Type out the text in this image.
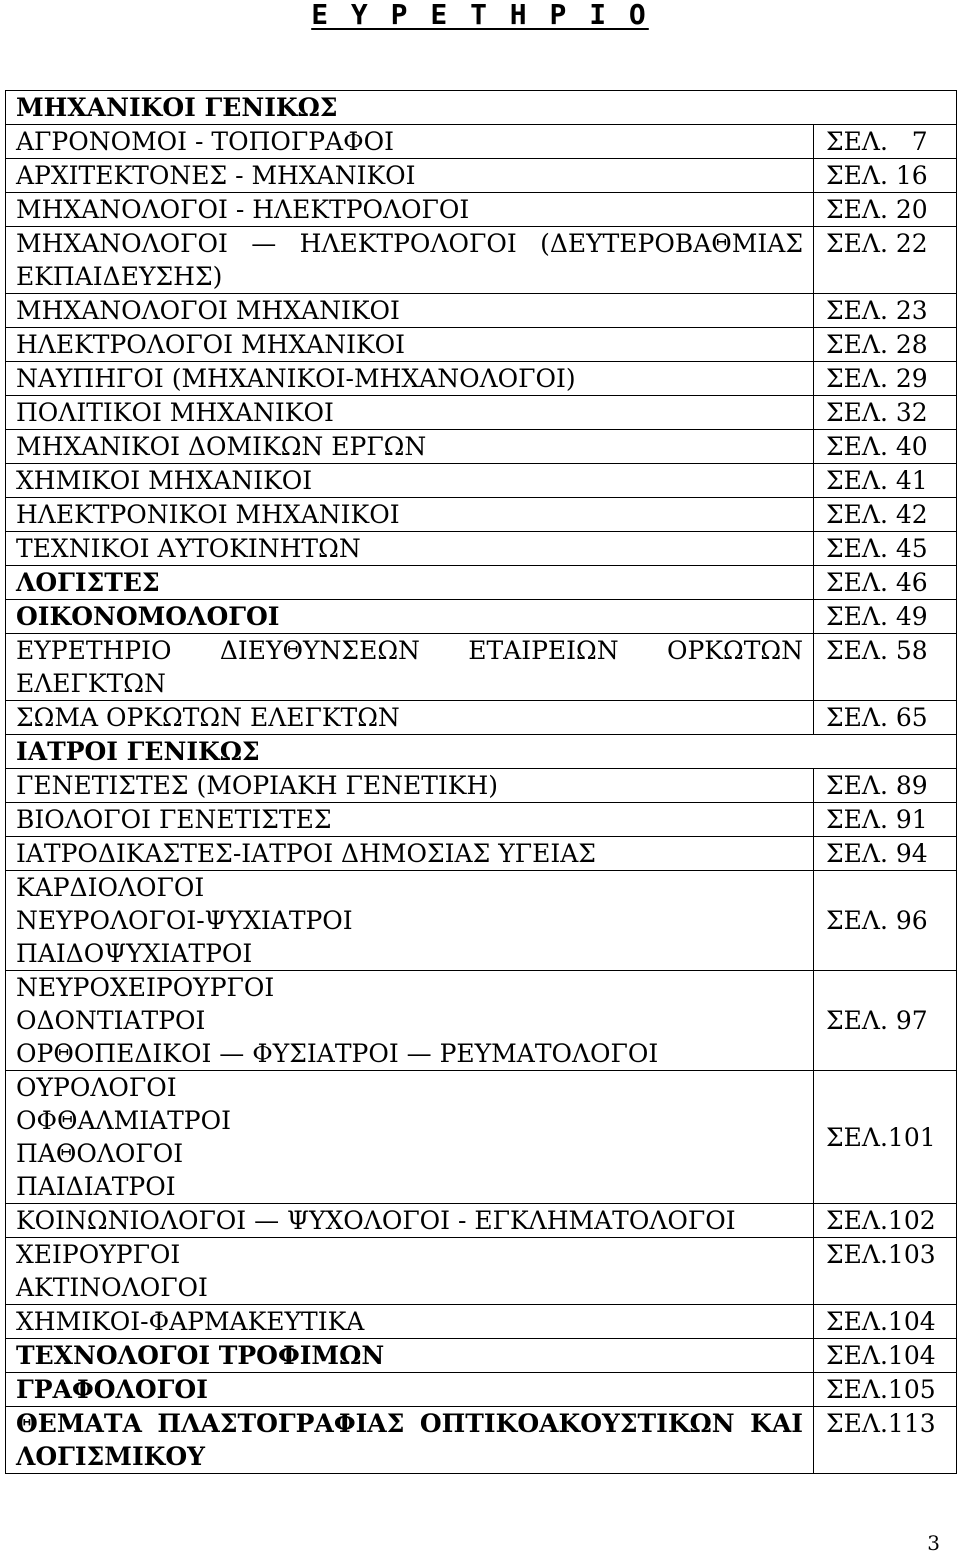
Ε Υ Ρ Ε Τ Η Ρ Ι Ο
ΜΗΧΑΝΙΚΟΙ ΓΕΝΙΚΩΣ	
ΑΓΡΟΝΟΜΟΙ - ΤΟΠΟΓΡΑΦΟΙ	ΣΕΛ.   7
ΑΡΧΙΤΕΚΤΟΝΕΣ - ΜΗΧΑΝΙΚΟΙ	ΣΕΛ. 16
ΜΗΧΑΝΟΛΟΓΟΙ - ΗΛΕΚΤΡΟΛΟΓΟΙ	ΣΕΛ. 20
ΜΗΧΑΝΟΛΟΓΟΙ — ΗΛΕΚΤΡΟΛΟΓΟΙ (ΔΕΥΤΕΡΟΒΑΘΜΙΑΣ ΕΚΠΑΙΔΕΥΣΗΣ)	ΣΕΛ. 22
ΜΗΧΑΝΟΛΟΓΟΙ ΜΗΧΑΝΙΚΟΙ	ΣΕΛ. 23
ΗΛΕΚΤΡΟΛΟΓΟΙ ΜΗΧΑΝΙΚΟΙ	ΣΕΛ. 28
ΝΑΥΠΗΓΟΙ (ΜΗΧΑΝΙΚΟΙ-ΜΗΧΑΝΟΛΟΓΟΙ)	ΣΕΛ. 29
ΠΟΛΙΤΙΚΟΙ ΜΗΧΑΝΙΚΟΙ	ΣΕΛ. 32
ΜΗΧΑΝΙΚΟΙ ΔΟΜΙΚΩΝ ΕΡΓΩΝ	ΣΕΛ. 40
ΧΗΜΙΚΟΙ ΜΗΧΑΝΙΚΟΙ	ΣΕΛ. 41
ΗΛΕΚΤΡΟΝΙΚΟΙ ΜΗΧΑΝΙΚΟΙ	ΣΕΛ. 42
ΤΕΧΝΙΚΟΙ ΑΥΤΟΚΙΝΗΤΩΝ	ΣΕΛ. 45
ΛΟΓΙΣΤΕΣ	ΣΕΛ. 46
ΟΙΚΟΝΟΜΟΛΟΓΟΙ	ΣΕΛ. 49
ΕΥΡΕΤΗΡΙΟ ΔΙΕΥΘΥΝΣΕΩΝ ΕΤΑΙΡΕΙΩΝ ΟΡΚΩΤΩΝ ΕΛΕΓΚΤΩΝ	ΣΕΛ. 58
ΣΩΜΑ ΟΡΚΩΤΩΝ ΕΛΕΓΚΤΩΝ	ΣΕΛ. 65
ΙΑΤΡΟΙ ΓΕΝΙΚΩΣ	
ΓΕΝΕΤΙΣΤΕΣ (ΜΟΡΙΑΚΗ ΓΕΝΕΤΙΚΗ)	ΣΕΛ. 89
ΒΙΟΛΟΓΟΙ ΓΕΝΕΤΙΣΤΕΣ	ΣΕΛ. 91
ΙΑΤΡΟΔΙΚΑΣΤΕΣ-ΙΑΤΡΟΙ ΔΗΜΟΣΙΑΣ ΥΓΕΙΑΣ	ΣΕΛ. 94

ΚΑΡΔΙΟΛΟΓΟΙ
ΝΕΥΡΟΛΟΓΟΙ-ΨΥΧΙΑΤΡΟΙ
ΠΑΙΔΟΨΥΧΙΑΤΡΟΙ	ΣΕΛ. 96

ΝΕΥΡΟΧΕΙΡΟΥΡΓΟΙ
ΟΔΟΝΤΙΑΤΡΟΙ
ΟΡΘΟΠΕΔΙΚΟΙ — ΦΥΣΙΑΤΡΟΙ — ΡΕΥΜΑΤΟΛΟΓΟΙ	ΣΕΛ. 97

ΟΥΡΟΛΟΓΟΙ
ΟΦΘΑΛΜΙΑΤΡΟΙ
ΠΑΘΟΛΟΓΟΙ
ΠΑΙΔΙΑΤΡΟΙ	ΣΕΛ.101
ΚΟΙΝΩΝΙΟΛΟΓΟΙ — ΨΥΧΟΛΟΓΟΙ - ΕΓΚΛΗΜΑΤΟΛΟΓΟΙ	ΣΕΛ.102

ΧΕΙΡΟΥΡΓΟΙ
ΑΚΤΙΝΟΛΟΓΟΙ	ΣΕΛ.103
ΧΗΜΙΚΟΙ-ΦΑΡΜΑΚΕΥΤΙΚΑ	ΣΕΛ.104
ΤΕΧΝΟΛΟΓΟΙ ΤΡΟΦΙΜΩΝ	ΣΕΛ.104
ΓΡΑΦΟΛΟΓΟΙ	ΣΕΛ.105
ΘΕΜΑΤΑ ΠΛΑΣΤΟΓΡΑΦΙΑΣ ΟΠΤΙΚΟΑΚΟΥΣΤΙΚΩΝ ΚΑΙ ΛΟΓΙΣΜΙΚΟΥ	ΣΕΛ.113
3
